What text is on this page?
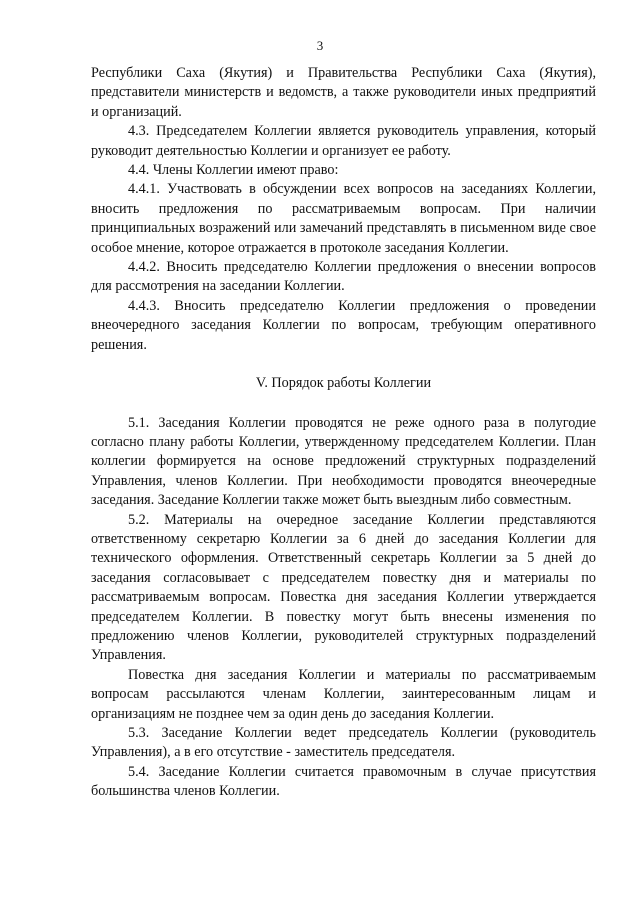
3

Республики Саха (Якутия) и Правительства Республики Саха (Якутия), представители министерств и ведомств, а также руководители иных предприятий и организаций.

4.3. Председателем Коллегии является руководитель управления, который руководит деятельностью Коллегии и организует ее работу.

4.4. Члены Коллегии имеют право:

4.4.1. Участвовать в обсуждении всех вопросов на заседаниях Коллегии, вносить предложения по рассматриваемым вопросам. При наличии принципиальных возражений или замечаний представлять в письменном виде свое особое мнение, которое отражается в протоколе заседания Коллегии.

4.4.2. Вносить председателю Коллегии предложения о внесении вопросов для рассмотрения на заседании Коллегии.

4.4.3. Вносить председателю Коллегии предложения о проведении внеочередного заседания Коллегии по вопросам, требующим оперативного решения.

V. Порядок работы Коллегии

5.1. Заседания Коллегии проводятся не реже одного раза в полугодие согласно плану работы Коллегии, утвержденному председателем Коллегии. План коллегии формируется на основе предложений структурных подразделений Управления, членов Коллегии. При необходимости проводятся внеочередные заседания. Заседание Коллегии также может быть выездным либо совместным.

5.2. Материалы на очередное заседание Коллегии представляются ответственному секретарю Коллегии за 6 дней до заседания Коллегии для технического оформления. Ответственный секретарь Коллегии за 5 дней до заседания согласовывает с председателем повестку дня и материалы по рассматриваемым вопросам. Повестка дня заседания Коллегии утверждается председателем Коллегии. В повестку могут быть внесены изменения по предложению членов Коллегии, руководителей структурных подразделений Управления.

Повестка дня заседания Коллегии и материалы по рассматриваемым вопросам рассылаются членам Коллегии, заинтересованным лицам и организациям не позднее чем за один день до заседания Коллегии.

5.3. Заседание Коллегии ведет председатель Коллегии (руководитель Управления), а в его отсутствие - заместитель председателя.

5.4. Заседание Коллегии считается правомочным в случае присутствия большинства членов Коллегии.
